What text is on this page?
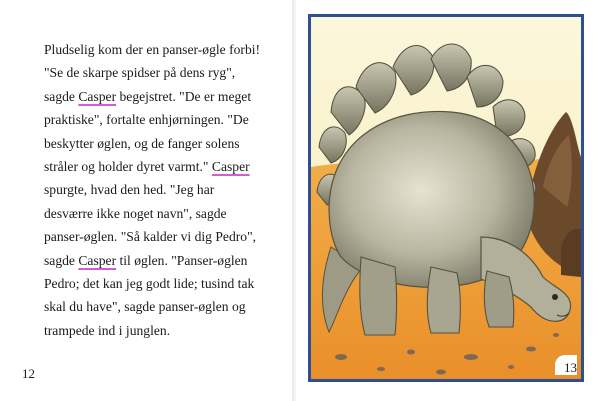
Pludselig kom der en panser-øgle forbi!
"Se de skarpe spidser på dens ryg",
sagde Casper begejstret. "De er meget
praktiske", fortalte enhjørningen. "De
beskytter øglen, og de fanger solens
stråler og holder dyret varmt." Casper
spurgte, hvad den hed. "Jeg har
desværre ikke noget navn", sagde
panser-øglen. "Så kalder vi dig Pedro",
sagde Casper til øglen. "Panser-øglen
Pedro; det kan jeg godt lide; tusind tak
skal du have", sagde panser-øglen og
trampede ind i junglen.
12	13
